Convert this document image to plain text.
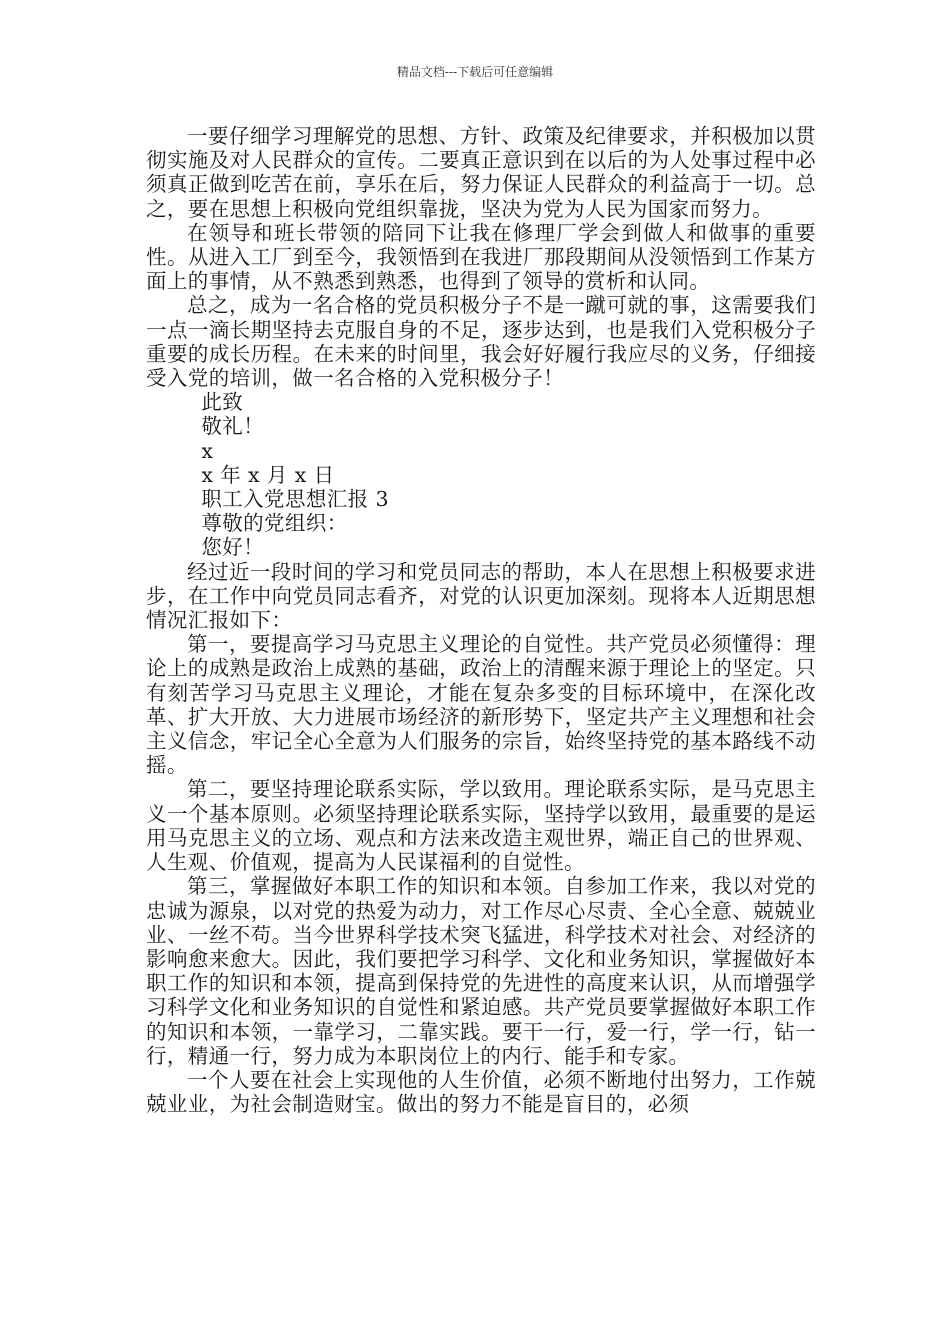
精品文档---下载后可任意编辑

一要仔细学习理解党的思想、方针、政策及纪律要求，并积极加以贯彻实施及对人民群众的宣传。二要真正意识到在以后的为人处事过程中必须真正做到吃苦在前，享乐在后，努力保证人民群众的利益高于一切。总之，要在思想上积极向党组织靠拢，坚决为党为人民为国家而努力。

在领导和班长带领的陪同下让我在修理厂学会到做人和做事的重要性。从进入工厂到至今，我领悟到在我进厂那段期间从没领悟到工作某方面上的事情，从不熟悉到熟悉，也得到了领导的赏析和认同。

总之，成为一名合格的党员积极分子不是一蹴可就的事，这需要我们一点一滴长期坚持去克服自身的不足，逐步达到，也是我们入党积极分子重要的成长历程。在未来的时间里，我会好好履行我应尽的义务，仔细接受入党的培训，做一名合格的入党积极分子！

此致

敬礼！

x

x 年 x 月 x 日

职工入党思想汇报 3

尊敬的党组织：

您好！

经过近一段时间的学习和党员同志的帮助，本人在思想上积极要求进步，在工作中向党员同志看齐，对党的认识更加深刻。现将本人近期思想情况汇报如下：

第一，要提高学习马克思主义理论的自觉性。共产党员必须懂得：理论上的成熟是政治上成熟的基础，政治上的清醒来源于理论上的坚定。只有刻苦学习马克思主义理论，才能在复杂多变的目标环境中，在深化改革、扩大开放、大力进展市场经济的新形势下，坚定共产主义理想和社会主义信念，牢记全心全意为人们服务的宗旨，始终坚持党的基本路线不动摇。

第二，要坚持理论联系实际，学以致用。理论联系实际，是马克思主义一个基本原则。必须坚持理论联系实际，坚持学以致用，最重要的是运用马克思主义的立场、观点和方法来改造主观世界，端正自己的世界观、人生观、价值观，提高为人民谋福利的自觉性。

第三，掌握做好本职工作的知识和本领。自参加工作来，我以对党的忠诚为源泉，以对党的热爱为动力，对工作尽心尽责、全心全意、兢兢业业、一丝不苟。当今世界科学技术突飞猛进，科学技术对社会、对经济的影响愈来愈大。因此，我们要把学习科学、文化和业务知识，掌握做好本职工作的知识和本领，提高到保持党的先进性的高度来认识，从而增强学习科学文化和业务知识的自觉性和紧迫感。共产党员要掌握做好本职工作的知识和本领，一靠学习，二靠实践。要干一行，爱一行，学一行，钻一行，精通一行，努力成为本职岗位上的内行、能手和专家。

一个人要在社会上实现他的人生价值，必须不断地付出努力，工作兢兢业业，为社会制造财宝。做出的努力不能是盲目的，必须
